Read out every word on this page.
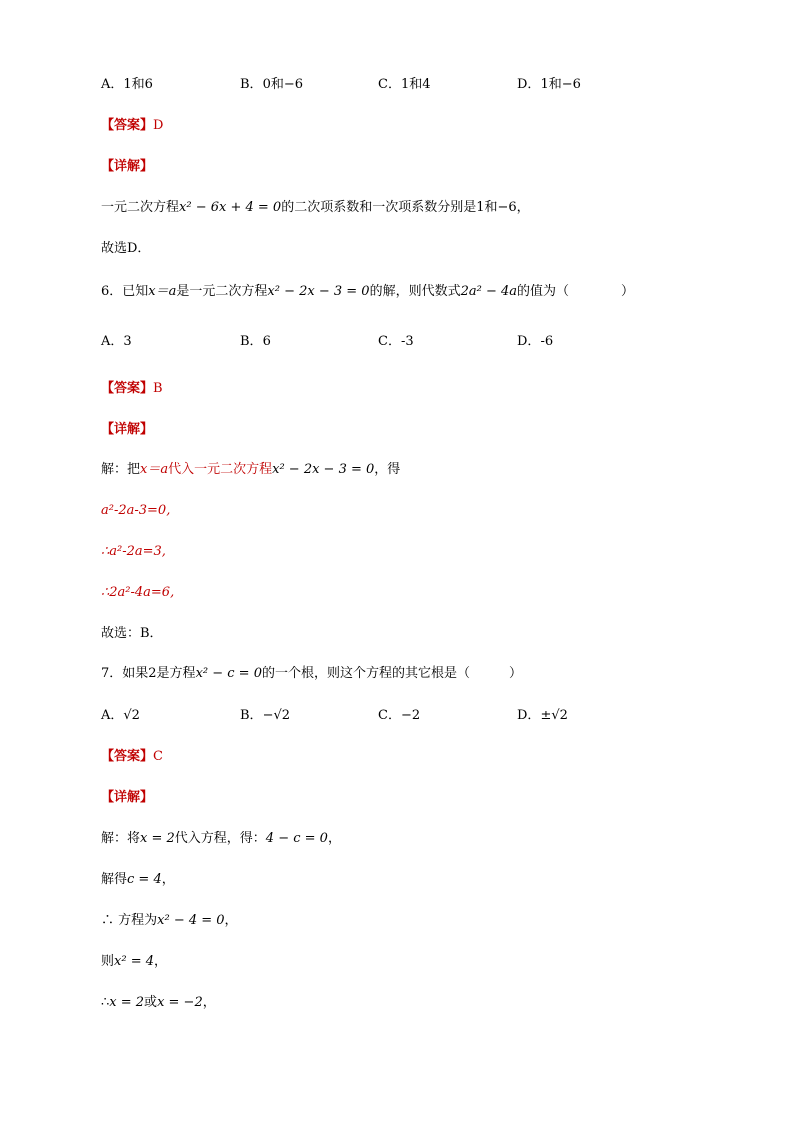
A．1和6	B．0和−6	C．1和4	D．1和−6
【答案】D
【详解】
一元二次方程x² − 6x + 4 = 0的二次项系数和一次项系数分别是1和−6，
故选D．
6．已知x＝a是一元二次方程x² − 2x − 3 = 0的解，则代数式2a² − 4a的值为（　　　　）
A．3	B．6	C．-3	D．-6
【答案】B
【详解】
解：把x＝a代入一元二次方程x² − 2x − 3 = 0，得
a²-2a-3=0,
∴a²-2a=3,
∴2a²-4a=6,
故选：B．
7．如果2是方程x² − c = 0的一个根，则这个方程的其它根是（　　　）
A．√2	B．−√2	C．−2	D．±√2
【答案】C
【详解】
解：将x = 2代入方程，得：4 − c = 0，
解得c = 4，
∴ 方程为x² − 4 = 0，
则x² = 4，
∴x = 2或x = −2，
